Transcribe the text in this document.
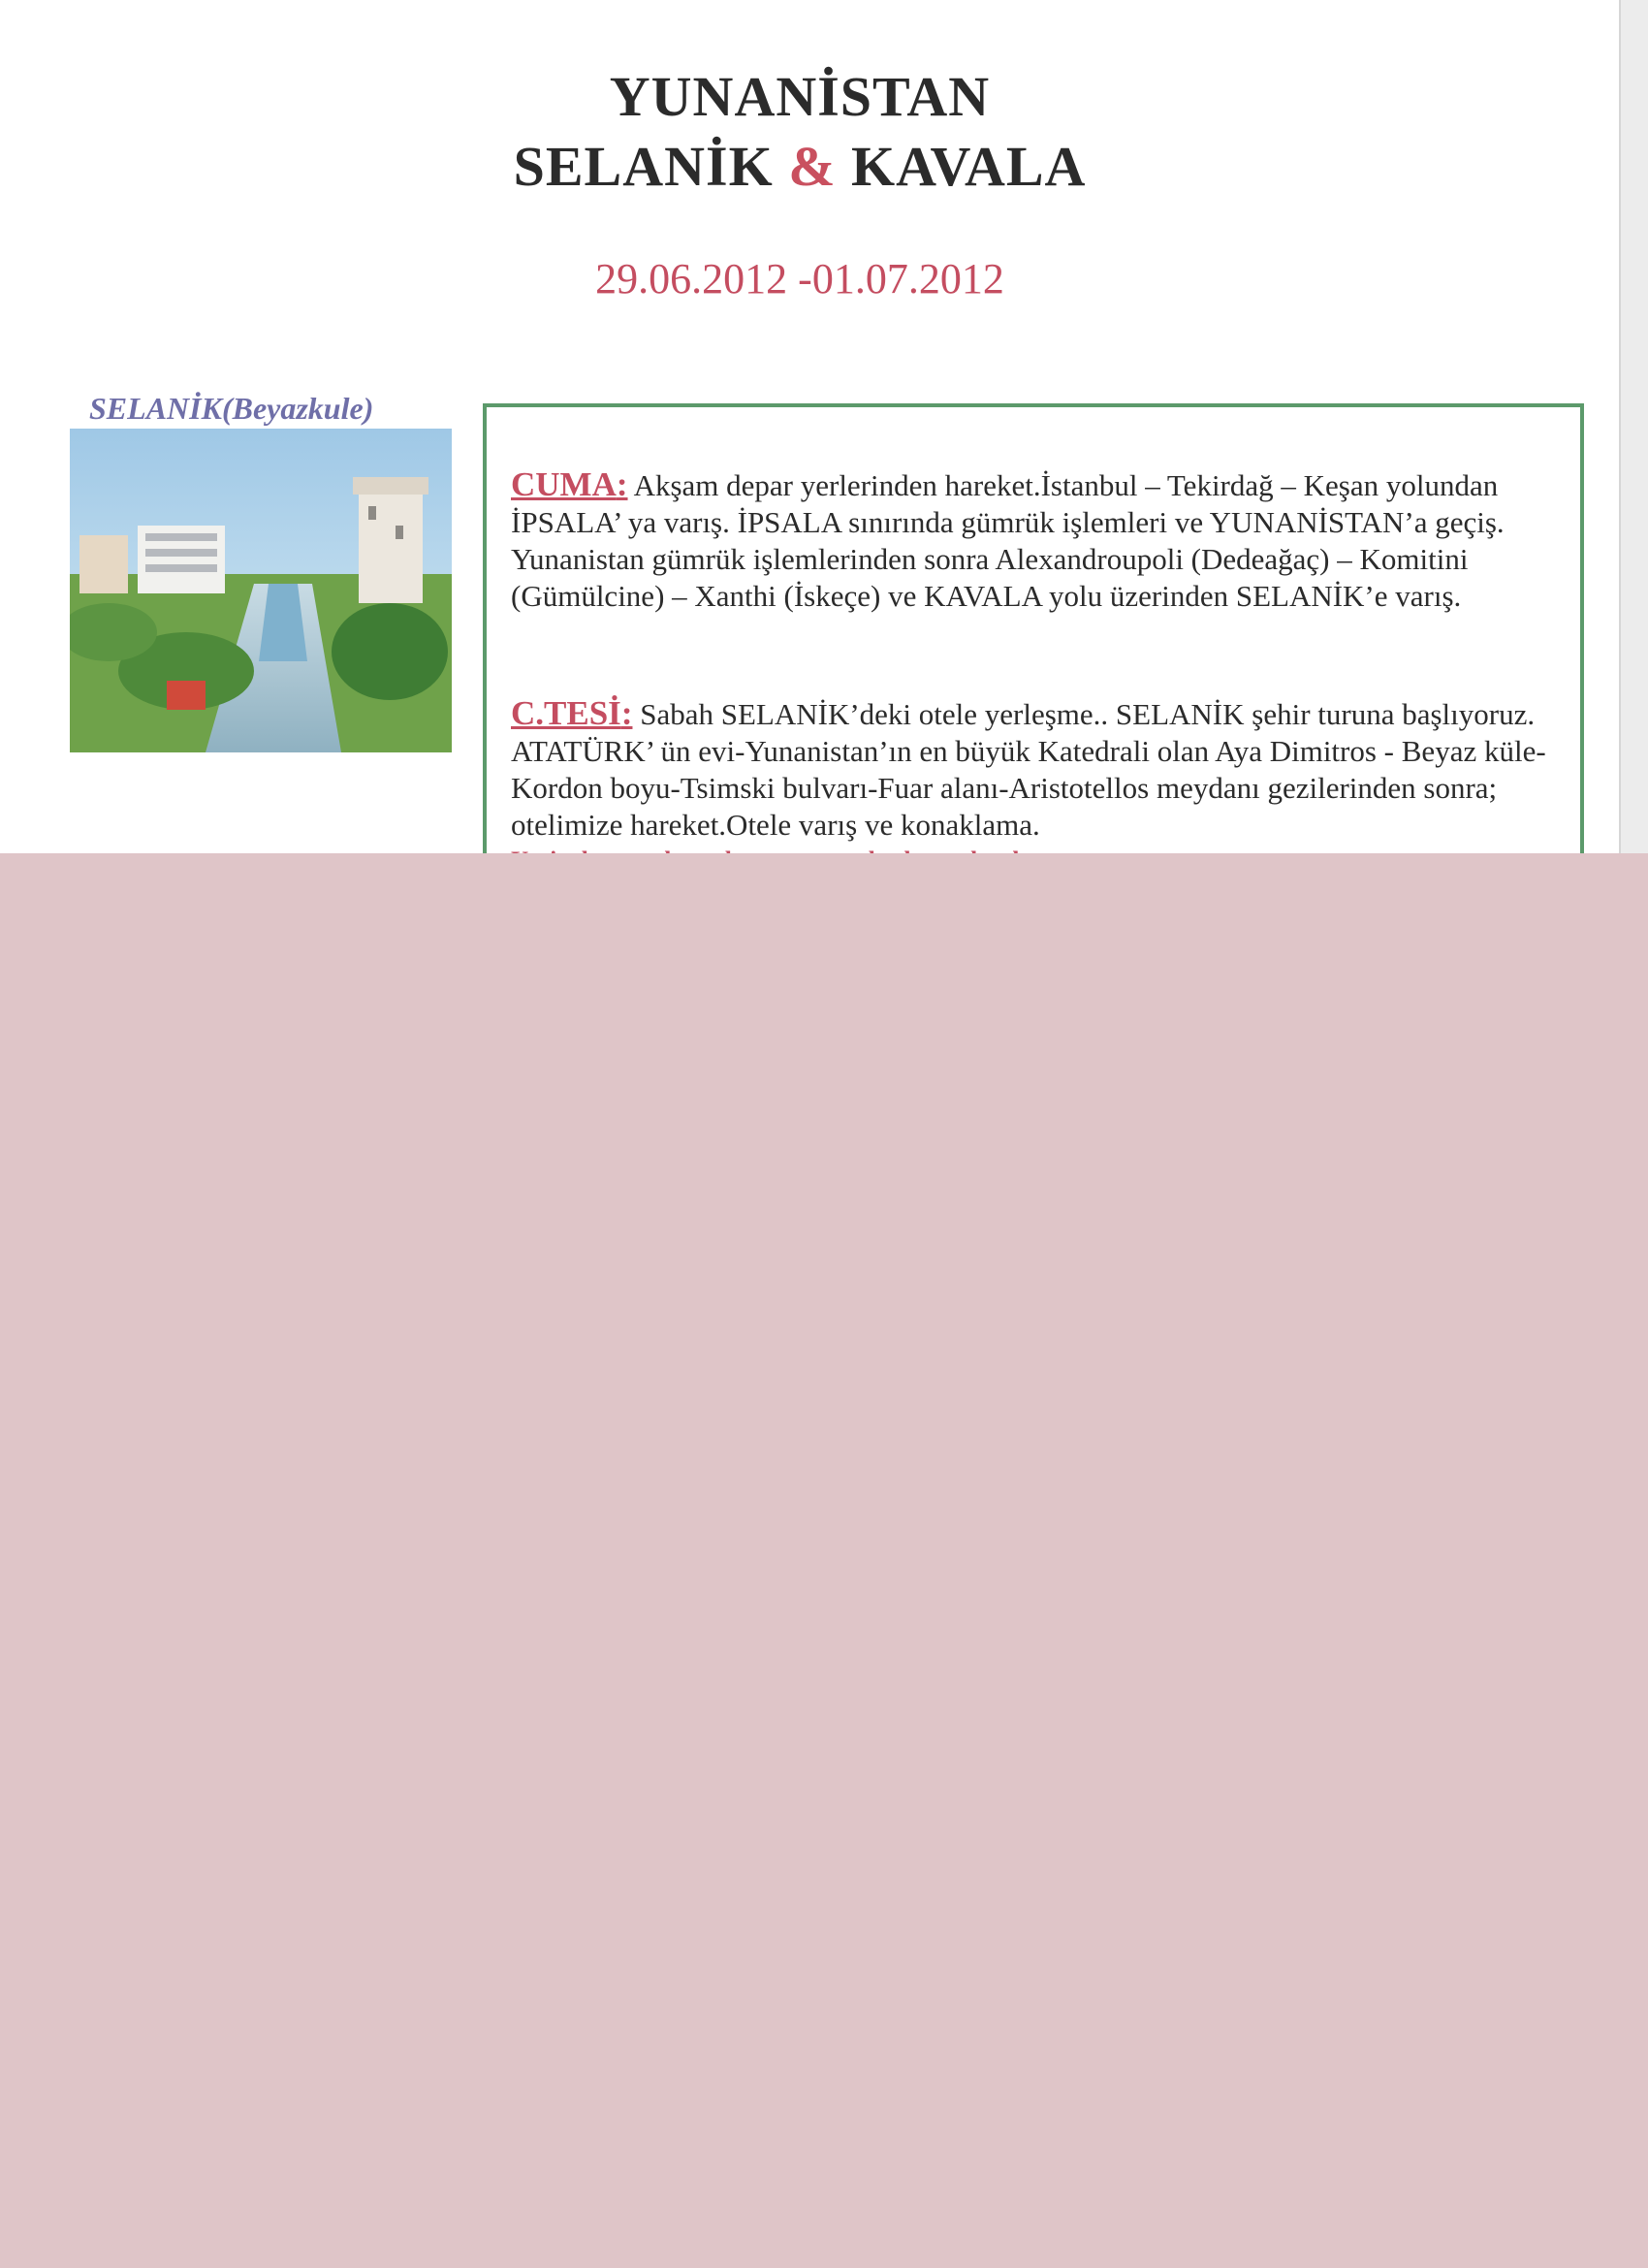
YUNANİSTAN
SELANİK & KAVALA
29.06.2012 -01.07.2012
SELANİK(Beyazkule)
CUMA: Akşam depar yerlerinden hareket.İstanbul – Tekirdağ – Keşan yolundan İPSALA’ ya varış. İPSALA sınırında gümrük işlemleri ve YUNANİSTAN’a geçiş. Yunanistan gümrük işlemlerinden sonra Alexandroupoli (Dedeağaç) – Komitini (Gümülcine) – Xanthi (İskeçe) ve KAVALA yolu üzerinden SELANİK’e varış.
C.TESİ: Sabah SELANİK’deki otele yerleşme.. SELANİK şehir turuna başlıyoruz. ATATÜRK’ ün evi-Yunanistan’ın en büyük Katedrali olan Aya Dimitros - Beyaz küle-Kordon boyu-Tsimski bulvarı-Fuar alanı-Aristotellos meydanı gezilerinden sonra; otelimize hareket.Otele varış ve konaklama.
